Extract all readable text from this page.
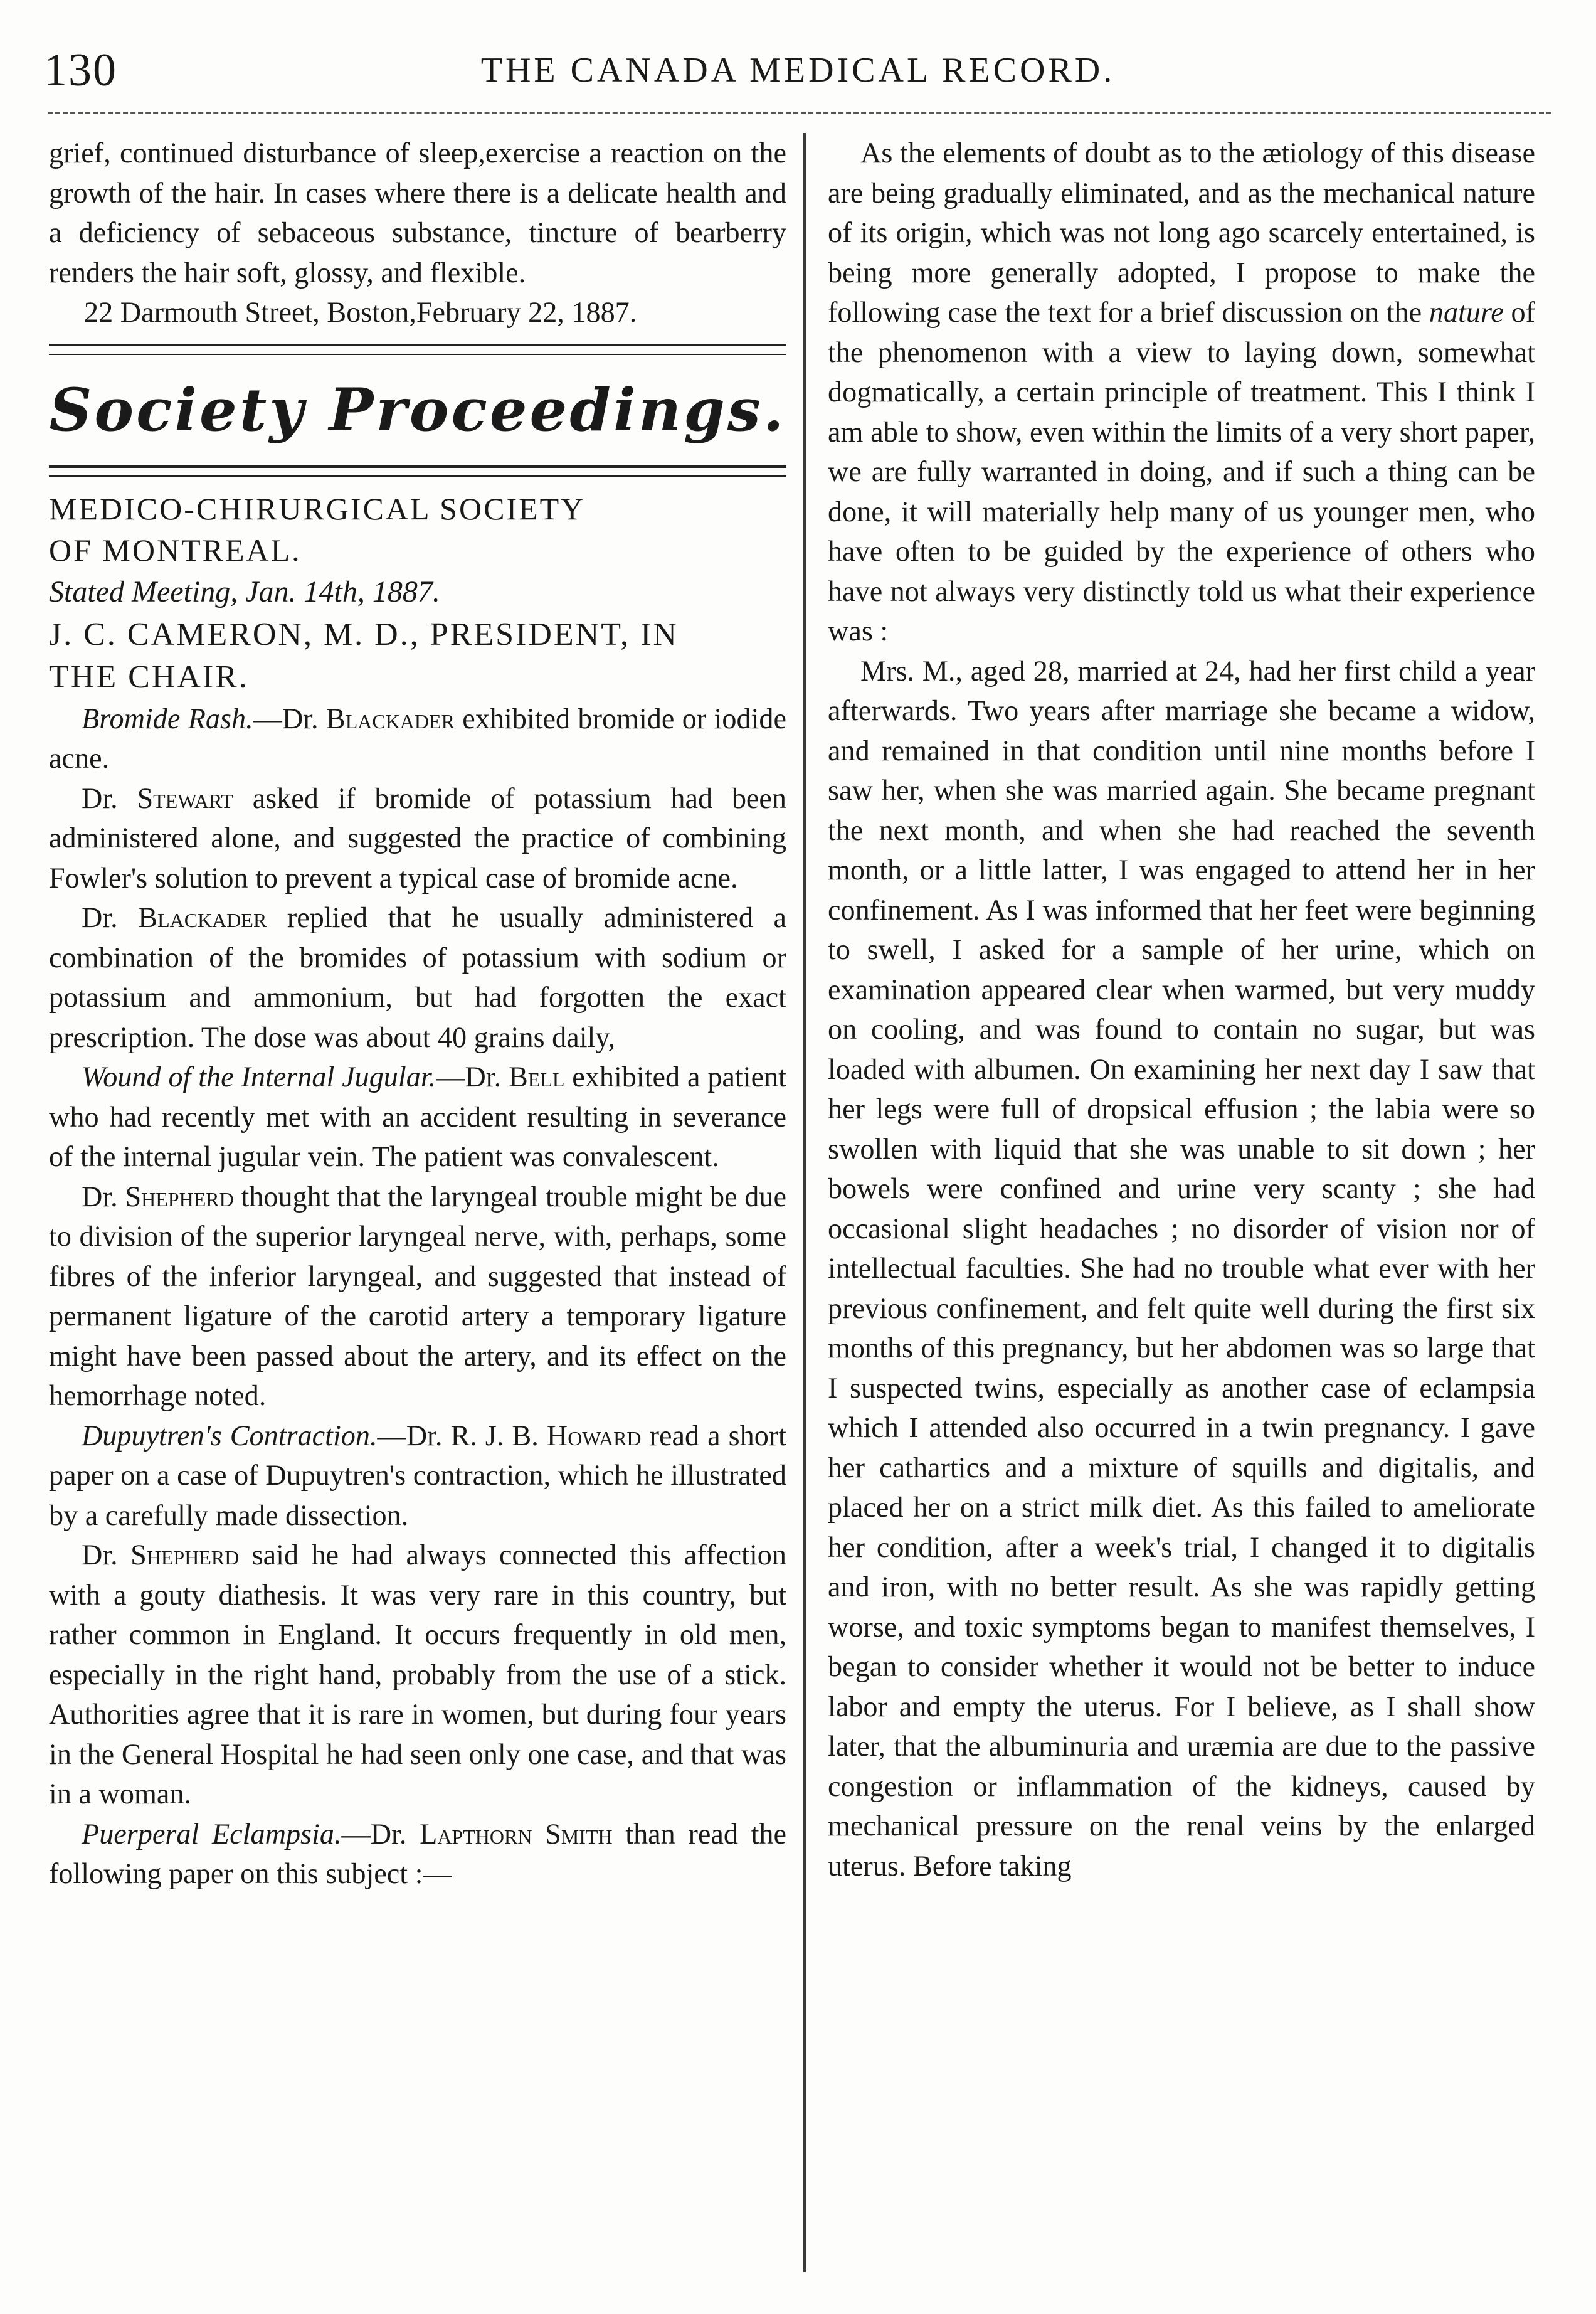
130	THE CANADA MEDICAL RECORD.

grief, continued disturbance of sleep,exercise a reaction on the growth of the hair. In cases where there is a delicate health and a deficiency of sebaceous substance, tincture of bearberry renders the hair soft, glossy, and flexible.

22 Darmouth Street, Boston,February 22, 1887.

Society Proceedings.

MEDICO-CHIRURGICAL SOCIETY

OF MONTREAL.

Stated Meeting, Jan. 14th, 1887.

J. C. CAMERON, M. D., PRESIDENT, IN

THE CHAIR.

Bromide Rash.—Dr. Blackader exhibited bromide or iodide acne.

Dr. Stewart asked if bromide of potassium had been administered alone, and suggested the practice of combining Fowler's solution to prevent a typical case of bromide acne.

Dr. Blackader replied that he usually administered a combination of the bromides of potassium with sodium or potassium and ammonium, but had forgotten the exact prescription. The dose was about 40 grains daily,

Wound of the Internal Jugular.—Dr. Bell exhibited a patient who had recently met with an accident resulting in severance of the internal jugular vein. The patient was convalescent.

Dr. Shepherd thought that the laryngeal trouble might be due to division of the superior laryngeal nerve, with, perhaps, some fibres of the inferior laryngeal, and suggested that instead of permanent ligature of the carotid artery a temporary ligature might have been passed about the artery, and its effect on the hemorrhage noted.

Dupuytren's Contraction.—Dr. R. J. B. Howard read a short paper on a case of Dupuytren's contraction, which he illustrated by a carefully made dissection.

Dr. Shepherd said he had always connected this affection with a gouty diathesis. It was very rare in this country, but rather common in England. It occurs frequently in old men, especially in the right hand, probably from the use of a stick. Authorities agree that it is rare in women, but during four years in the General Hospital he had seen only one case, and that was in a woman.

Puerperal Eclampsia.—Dr. Lapthorn Smith than read the following paper on this subject :—

As the elements of doubt as to the ætiology of this disease are being gradually eliminated, and as the mechanical nature of its origin, which was not long ago scarcely entertained, is being more generally adopted, I propose to make the following case the text for a brief discussion on the nature of the phenomenon with a view to laying down, somewhat dogmatically, a certain principle of treatment. This I think I am able to show, even within the limits of a very short paper, we are fully warranted in doing, and if such a thing can be done, it will materially help many of us younger men, who have often to be guided by the experience of others who have not always very distinctly told us what their experience was :

Mrs. M., aged 28, married at 24, had her first child a year afterwards. Two years after marriage she became a widow, and remained in that condition until nine months before I saw her, when she was married again. She became pregnant the next month, and when she had reached the seventh month, or a little latter, I was engaged to attend her in her confinement. As I was informed that her feet were beginning to swell, I asked for a sample of her urine, which on examination appeared clear when warmed, but very muddy on cooling, and was found to contain no sugar, but was loaded with albumen. On examining her next day I saw that her legs were full of dropsical effusion ; the labia were so swollen with liquid that she was unable to sit down ; her bowels were confined and urine very scanty ; she had occasional slight headaches ; no disorder of vision nor of intellectual faculties. She had no trouble what ever with her previous confinement, and felt quite well during the first six months of this pregnancy, but her abdomen was so large that I suspected twins, especially as another case of eclampsia which I attended also occurred in a twin pregnancy. I gave her cathartics and a mixture of squills and digitalis, and placed her on a strict milk diet. As this failed to ameliorate her condition, after a week's trial, I changed it to digitalis and iron, with no better result. As she was rapidly getting worse, and toxic symptoms began to manifest themselves, I began to consider whether it would not be better to induce labor and empty the uterus. For I believe, as I shall show later, that the albuminuria and uræmia are due to the passive congestion or inflammation of the kidneys, caused by mechanical pressure on the renal veins by the enlarged uterus. Before taking
